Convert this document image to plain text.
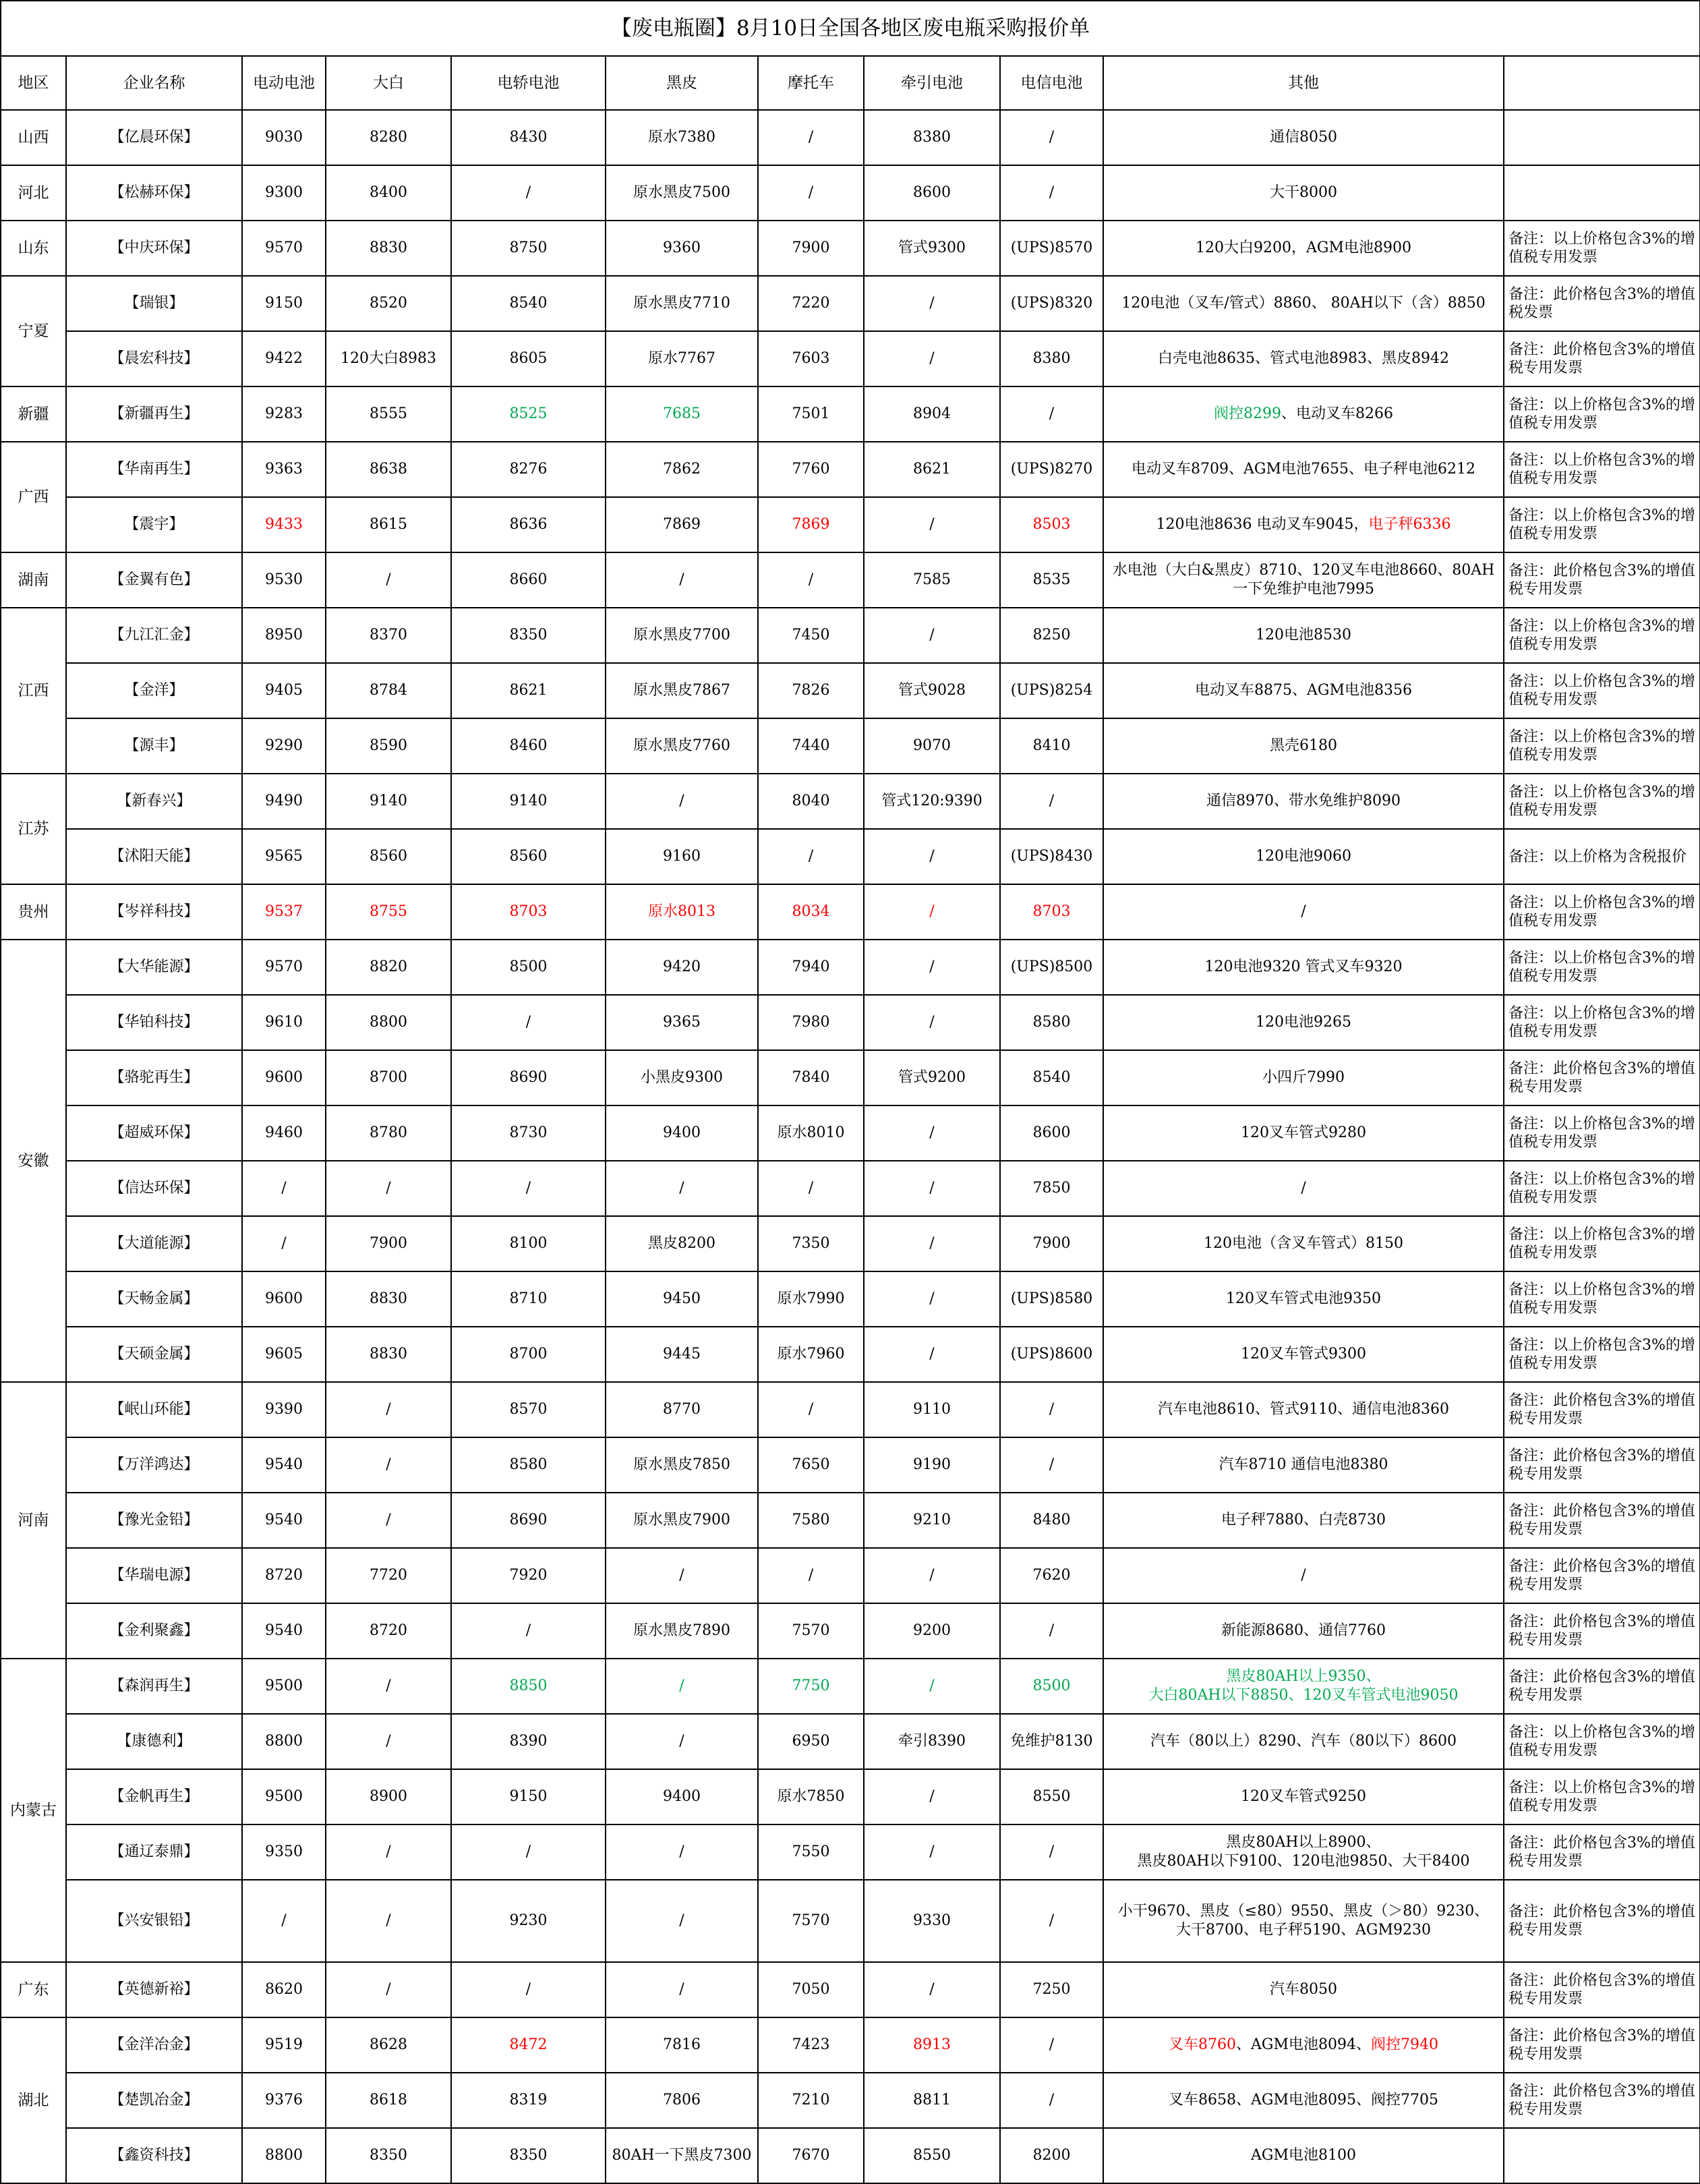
【废电瓶圈】8月10日全国各地区废电瓶采购报价单										
地区	企业名称	电动电池	大白	电轿电池	黑皮	摩托车	牵引电池	电信电池	其他	
山西	【亿晨环保】	9030	8280	8430	原水7380	/	8380	/	通信8050	
河北	【松赫环保】	9300	8400	/	原水黑皮7500	/	8600	/	大干8000	
山东	【中庆环保】	9570	8830	8750	9360	7900	管式9300	(UPS)8570	120大白9200，AGM电池8900	备注：以上价格包含3%的增值税专用发票
宁夏	【瑞银】	9150	8520	8540	原水黑皮7710	7220	/	(UPS)8320	120电池（叉车/管式）8860、 80AH以下（含）8850	备注：此价格包含3%的增值税发票
	【晨宏科技】	9422	120大白8983	8605	原水7767	7603	/	8380	白壳电池8635、管式电池8983、黑皮8942	备注：此价格包含3%的增值税专用发票
新疆	【新疆再生】	9283	8555	8525	7685	7501	8904	/	阀控8299、电动叉车8266	备注：以上价格包含3%的增值税专用发票
广西	【华南再生】	9363	8638	8276	7862	7760	8621	(UPS)8270	电动叉车8709、AGM电池7655、电子秤电池6212	备注：以上价格包含3%的增值税专用发票
	【震宇】	9433	8615	8636	7869	7869	/	8503	120电池8636 电动叉车9045，电子秤6336	备注：以上价格包含3%的增值税专用发票
湖南	【金翼有色】	9530	/	8660	/	/	7585	8535	水电池（大白&黑皮）8710、120叉车电池8660、80AH一下免维护电池7995	备注：此价格包含3%的增值税专用发票
江西	【九江汇金】	8950	8370	8350	原水黑皮7700	7450	/	8250	120电池8530	备注：以上价格包含3%的增值税专用发票
	【金洋】	9405	8784	8621	原水黑皮7867	7826	管式9028	(UPS)8254	电动叉车8875、AGM电池8356	备注：以上价格包含3%的增值税专用发票
	【源丰】	9290	8590	8460	原水黑皮7760	7440	9070	8410	黑壳6180	备注：以上价格包含3%的增值税专用发票
江苏	【新春兴】	9490	9140	9140	/	8040	管式120:9390	/	通信8970、带水免维护8090	备注：以上价格包含3%的增值税专用发票
	【沭阳天能】	9565	8560	8560	9160	/	/	(UPS)8430	120电池9060	备注：以上价格为含税报价
贵州	【岑祥科技】	9537	8755	8703	原水8013	8034	/	8703	/	备注：以上价格包含3%的增值税专用发票
安徽	【大华能源】	9570	8820	8500	9420	7940	/	(UPS)8500	120电池9320 管式叉车9320	备注：以上价格包含3%的增值税专用发票
	【华铂科技】	9610	8800	/	9365	7980	/	8580	120电池9265	备注：以上价格包含3%的增值税专用发票
	【骆驼再生】	9600	8700	8690	小黑皮9300	7840	管式9200	8540	小四斤7990	备注：此价格包含3%的增值税专用发票
	【超威环保】	9460	8780	8730	9400	原水8010	/	8600	120叉车管式9280	备注：以上价格包含3%的增值税专用发票
	【信达环保】	/	/	/	/	/	/	7850	/	备注：以上价格包含3%的增值税专用发票
	【大道能源】	/	7900	8100	黑皮8200	7350	/	7900	120电池（含叉车管式）8150	备注：以上价格包含3%的增值税专用发票
	【天畅金属】	9600	8830	8710	9450	原水7990	/	(UPS)8580	120叉车管式电池9350	备注：以上价格包含3%的增值税专用发票
	【天硕金属】	9605	8830	8700	9445	原水7960	/	(UPS)8600	120叉车管式9300	备注：以上价格包含3%的增值税专用发票
河南	【岷山环能】	9390	/	8570	8770	/	9110	/	汽车电池8610、管式9110、通信电池8360	备注：此价格包含3%的增值税专用发票
	【万洋鸿达】	9540	/	8580	原水黑皮7850	7650	9190	/	汽车8710 通信电池8380	备注：此价格包含3%的增值税专用发票
	【豫光金铅】	9540	/	8690	原水黑皮7900	7580	9210	8480	电子秤7880、白壳8730	备注：此价格包含3%的增值税专用发票
	【华瑞电源】	8720	7720	7920	/	/	/	7620	/	备注：此价格包含3%的增值税专用发票
	【金利聚鑫】	9540	8720	/	原水黑皮7890	7570	9200	/	新能源8680、通信7760	备注：此价格包含3%的增值税专用发票
内蒙古	【森润再生】	9500	/	8850	/	7750	/	8500	黑皮80AH以上9350、
大白80AH以下8850、120叉车管式电池9050	备注：此价格包含3%的增值税专用发票
	【康德利】	8800	/	8390	/	6950	牵引8390	免维护8130	汽车（80以上）8290、汽车（80以下）8600	备注：以上价格包含3%的增值税专用发票
	【金帆再生】	9500	8900	9150	9400	原水7850	/	8550	120叉车管式9250	备注：以上价格包含3%的增值税专用发票
	【通辽泰鼎】	9350	/	/	/	7550	/	/	黑皮80AH以上8900、
黑皮80AH以下9100、120电池9850、大干8400	备注：此价格包含3%的增值税专用发票
	【兴安银铅】	/	/	9230	/	7570	9330	/	小干9670、黑皮（≤80）9550、黑皮（＞80）9230、
大干8700、电子秤5190、AGM9230	备注：此价格包含3%的增值税专用发票
广东	【英德新裕】	8620	/	/	/	7050	/	7250	汽车8050	备注：此价格包含3%的增值税专用发票
湖北	【金洋冶金】	9519	8628	8472	7816	7423	8913	/	叉车8760、AGM电池8094、阀控7940	备注：此价格包含3%的增值税专用发票
	【楚凯冶金】	9376	8618	8319	7806	7210	8811	/	叉车8658、AGM电池8095、阀控7705	备注：此价格包含3%的增值税专用发票
	【鑫资科技】	8800	8350	8350	80AH一下黑皮7300	7670	8550	8200	AGM电池8100	
